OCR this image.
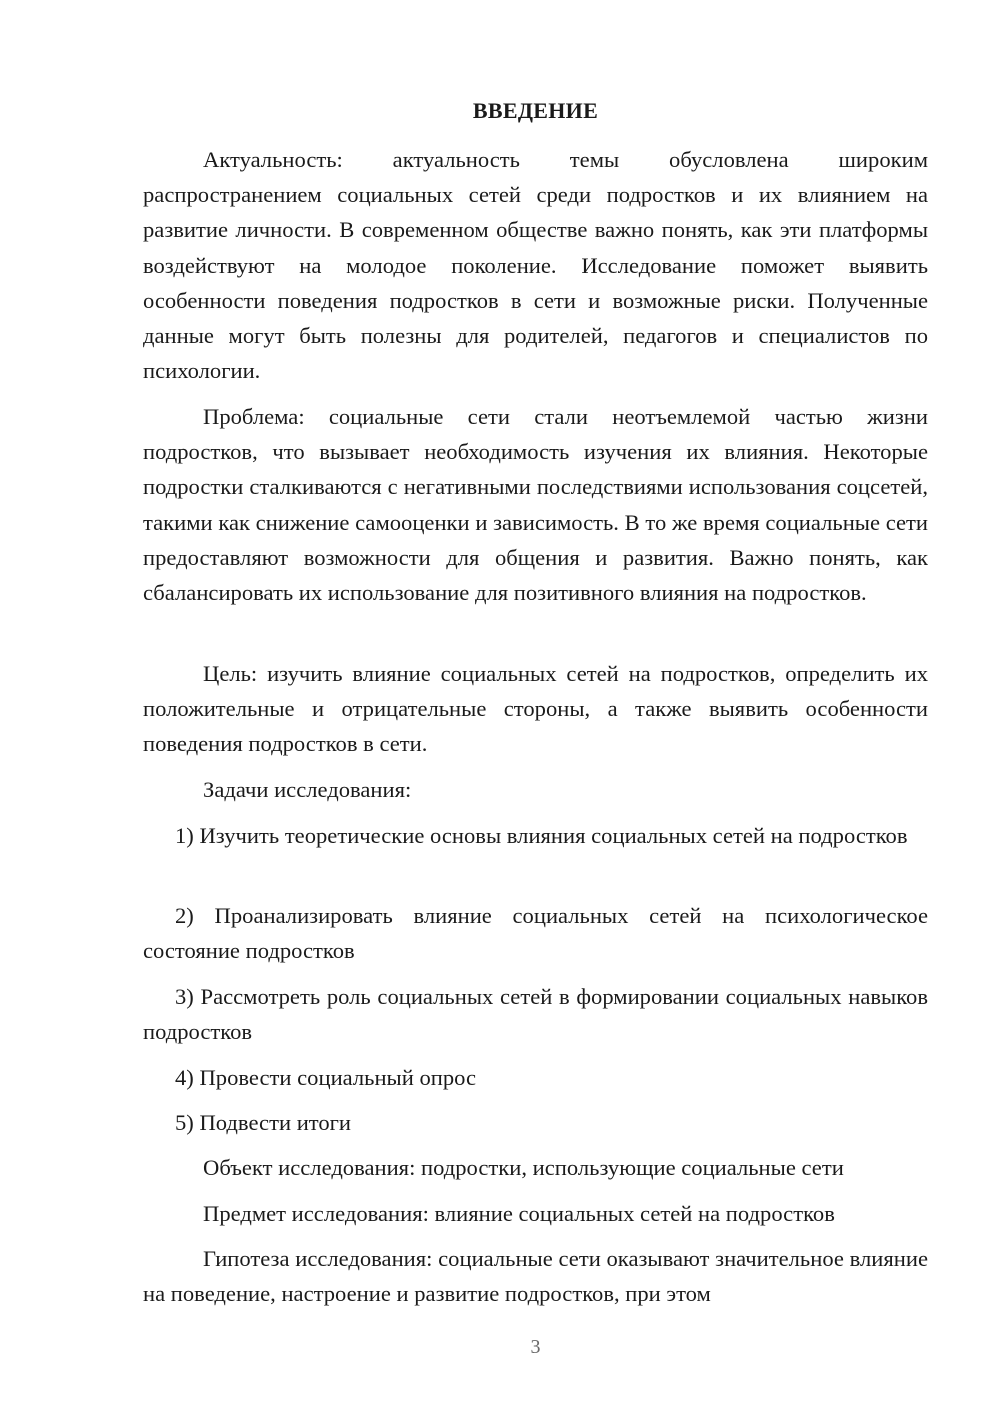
ВВЕДЕНИЕ

Актуальность: актуальность темы обусловлена широким распространением социальных сетей среди подростков и их влиянием на развитие личности. В современном обществе важно понять, как эти платформы воздействуют на молодое поколение. Исследование поможет выявить особенности поведения подростков в сети и возможные риски. Полученные данные могут быть полезны для родителей, педагогов и специалистов по психологии.

Проблема: социальные сети стали неотъемлемой частью жизни подростков, что вызывает необходимость изучения их влияния. Некоторые подростки сталкиваются с негативными последствиями использования соцсетей, такими как снижение самооценки и зависимость. В то же время социальные сети предоставляют возможности для общения и развития. Важно понять, как сбалансировать их использование для позитивного влияния на подростков.

Цель: изучить влияние социальных сетей на подростков, определить их положительные и отрицательные стороны, а также выявить особенности поведения подростков в сети.

Задачи исследования:

1) Изучить теоретические основы влияния социальных сетей на подростков

2) Проанализировать влияние социальных сетей на психологическое состояние подростков

3) Рассмотреть роль социальных сетей в формировании социальных навыков подростков

4) Провести социальный опрос

5) Подвести итоги

Объект исследования: подростки, использующие социальные сети

Предмет исследования: влияние социальных сетей на подростков

Гипотеза исследования: социальные сети оказывают значительное влияние на поведение, настроение и развитие подростков, при этом

3
